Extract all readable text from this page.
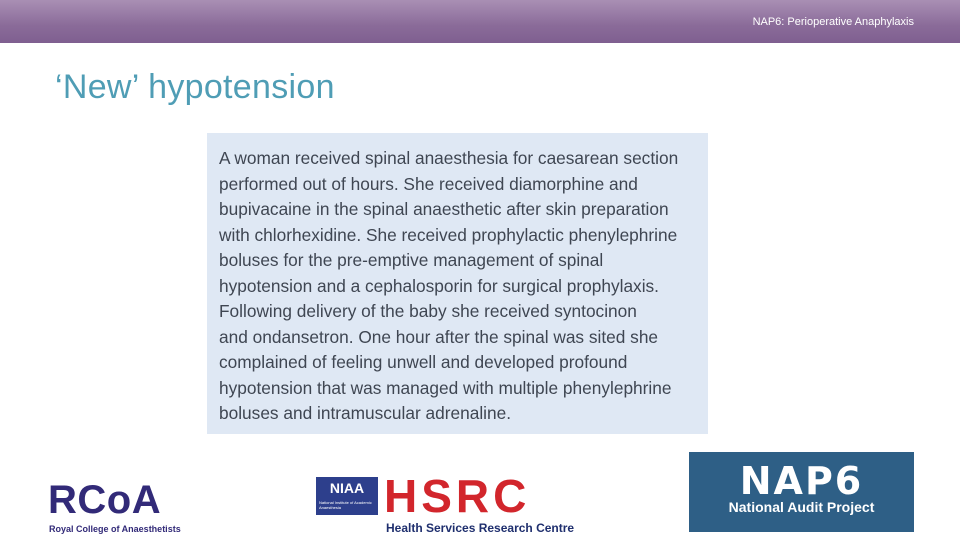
NAP6: Perioperative Anaphylaxis
‘New’ hypotension
A woman received spinal anaesthesia for caesarean section
performed out of hours. She received diamorphine and
bupivacaine in the spinal anaesthetic after skin preparation
with chlorhexidine. She received prophylactic phenylephrine
boluses for the pre-emptive management of spinal
hypotension and a cephalosporin for surgical prophylaxis.
Following delivery of the baby she received syntocinon
and ondansetron. One hour after the spinal was sited she
complained of feeling unwell and developed profound
hypotension that was managed with multiple phenylephrine
boluses and intramuscular adrenaline.
RCoA
Royal College of Anaesthetists
NIAA
National Institute of Academic Anaesthesia HSRC
Health Services Research Centre
NAP6
National Audit Project
